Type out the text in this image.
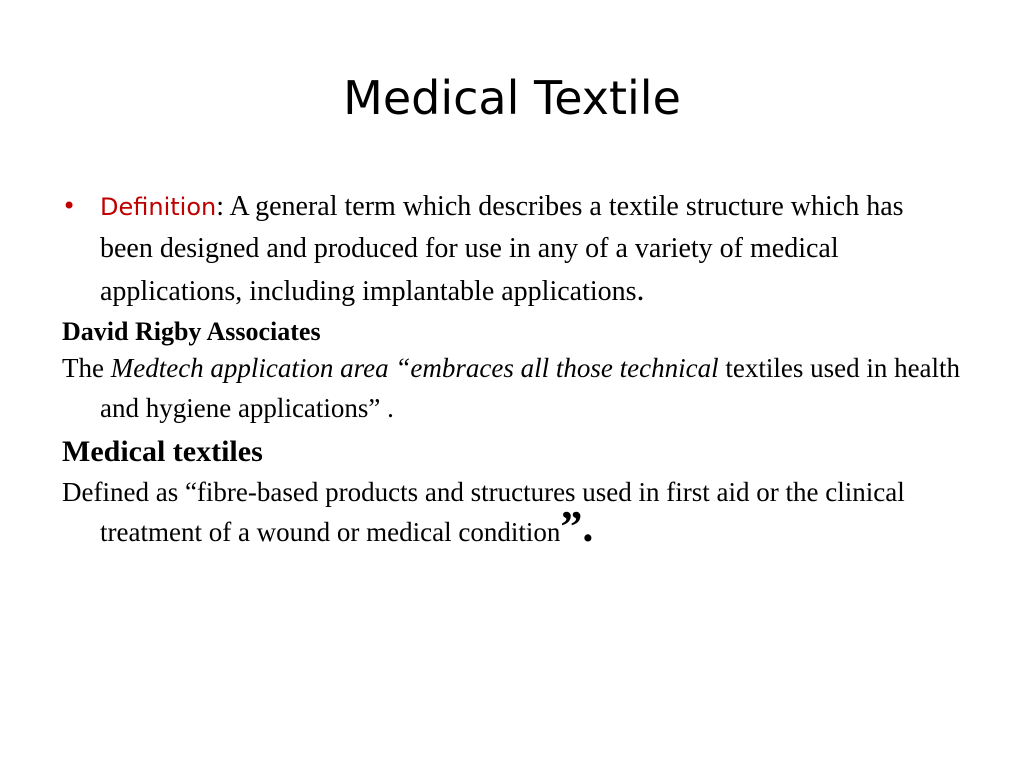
Medical Textile
• Definition: A general term which describes a textile structure which has been designed and produced for use in any of a variety of medical applications, including implantable applications.
David Rigby Associates
The Medtech application area “embraces all those technical textiles used in health and hygiene applications” .
Medical textiles
Defined as “fibre-based products and structures used in first aid or the clinical treatment of a wound or medical condition”.
